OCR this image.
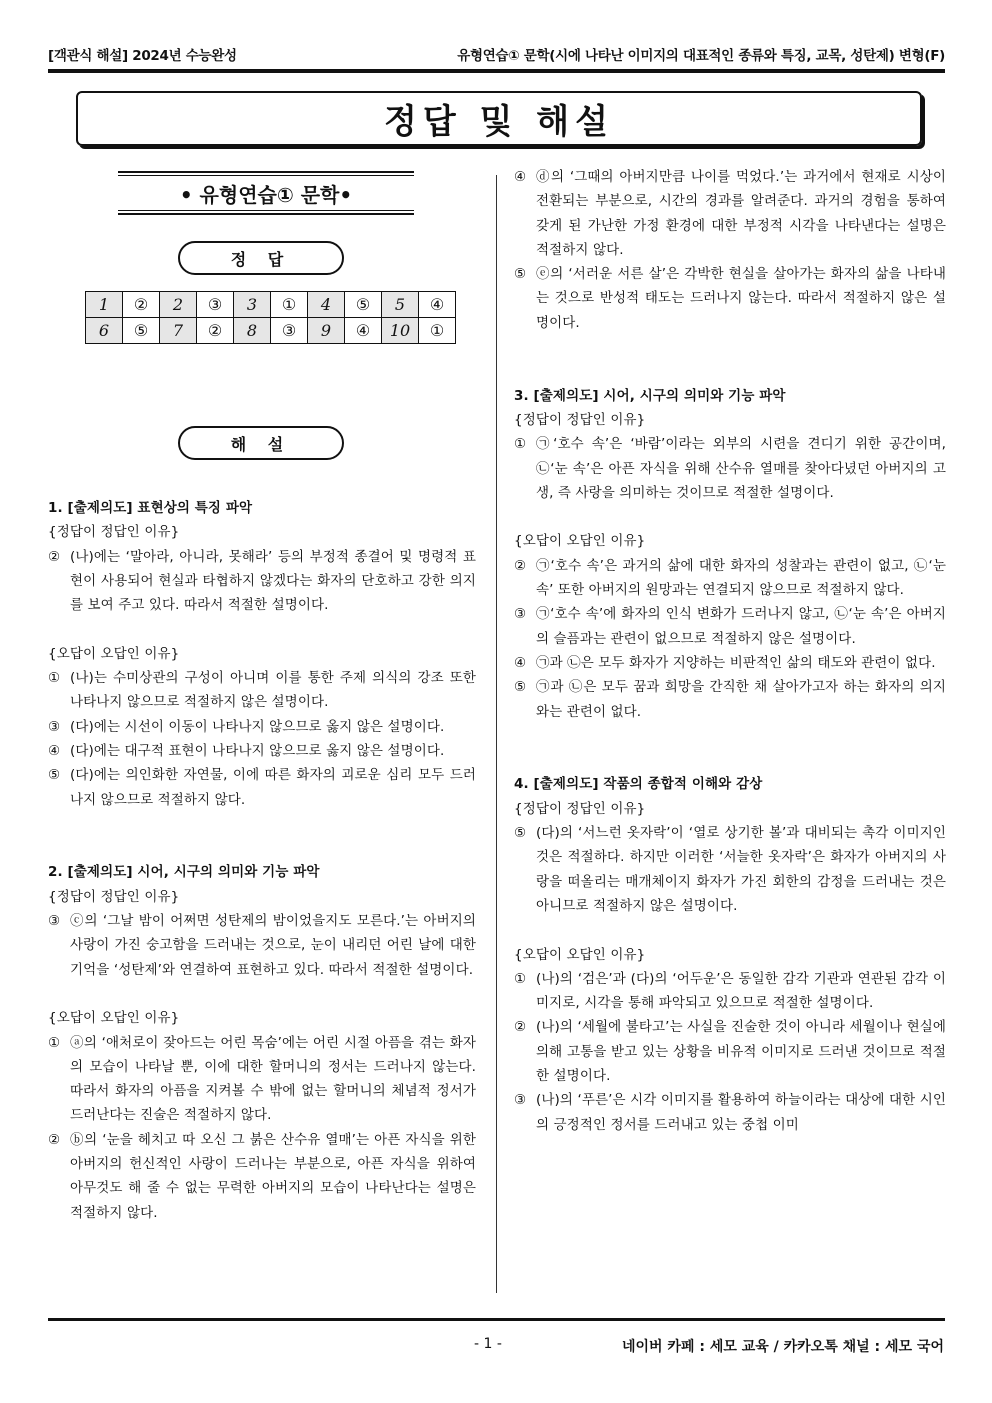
[객관식 해설] 2024년 수능완성	유형연습① 문학(시에 나타난 이미지의 대표적인 종류와 특징, 교목, 성탄제) 변형(F)
정답 및 해설
• 유형연습① 문학•
정 답
1	②	2	③	3	①	4	⑤	5	④
6	⑤	7	②	8	③	9	④	10	①
해 설
1. [출제의도] 표현상의 특징 파악
{정답이 정답인 이유}
② (나)에는 ‘말아라, 아니라, 못해라’ 등의 부정적 종결어 및 명령적 표현이 사용되어 현실과 타협하지 않겠다는 화자의 단호하고 강한 의지를 보여 주고 있다. 따라서 적절한 설명이다.
{오답이 오답인 이유}
① (나)는 수미상관의 구성이 아니며 이를 통한 주제 의식의 강조 또한 나타나지 않으므로 적절하지 않은 설명이다.
③ (다)에는 시선이 이동이 나타나지 않으므로 옳지 않은 설명이다.
④ (다)에는 대구적 표현이 나타나지 않으므로 옳지 않은 설명이다.
⑤ (다)에는 의인화한 자연물, 이에 따른 화자의 괴로운 심리 모두 드러나지 않으므로 적절하지 않다.
2. [출제의도] 시어, 시구의 의미와 기능 파악
{정답이 정답인 이유}
③ ⓒ의 ‘그날 밤이 어쩌면 성탄제의 밤이었을지도 모른다.’는 아버지의 사랑이 가진 숭고함을 드러내는 것으로, 눈이 내리던 어린 날에 대한 기억을 ‘성탄제’와 연결하여 표현하고 있다. 따라서 적절한 설명이다.
{오답이 오답인 이유}
① ⓐ의 ‘애처로이 잦아드는 어린 목숨’에는 어린 시절 아픔을 겪는 화자의 모습이 나타날 뿐, 이에 대한 할머니의 정서는 드러나지 않는다. 따라서 화자의 아픔을 지켜볼 수 밖에 없는 할머니의 체념적 정서가 드러난다는 진술은 적절하지 않다.
② ⓑ의 ‘눈을 헤치고 따 오신 그 붉은 산수유 열매’는 아픈 자식을 위한 아버지의 헌신적인 사랑이 드러나는 부분으로, 아픈 자식을 위하여 아무것도 해 줄 수 없는 무력한 아버지의 모습이 나타난다는 설명은 적절하지 않다.
④ ⓓ의 ‘그때의 아버지만큼 나이를 먹었다.’는 과거에서 현재로 시상이 전환되는 부분으로, 시간의 경과를 알려준다. 과거의 경험을 통하여 갖게 된 가난한 가정 환경에 대한 부정적 시각을 나타낸다는 설명은 적절하지 않다.
⑤ ⓔ의 ‘서러운 서른 살’은 각박한 현실을 살아가는 화자의 삶을 나타내는 것으로 반성적 태도는 드러나지 않는다. 따라서 적절하지 않은 설명이다.
3. [출제의도] 시어, 시구의 의미와 기능 파악
{정답이 정답인 이유}
① ㉠‘호수 속’은 ‘바람’이라는 외부의 시련을 견디기 위한 공간이며, ㉡‘눈 속’은 아픈 자식을 위해 산수유 열매를 찾아다녔던 아버지의 고생, 즉 사랑을 의미하는 것이므로 적절한 설명이다.
{오답이 오답인 이유}
② ㉠‘호수 속’은 과거의 삶에 대한 화자의 성찰과는 관련이 없고, ㉡‘눈 속’ 또한 아버지의 원망과는 연결되지 않으므로 적절하지 않다.
③ ㉠‘호수 속’에 화자의 인식 변화가 드러나지 않고, ㉡‘눈 속’은 아버지의 슬픔과는 관련이 없으므로 적절하지 않은 설명이다.
④ ㉠과 ㉡은 모두 화자가 지양하는 비판적인 삶의 태도와 관련이 없다.
⑤ ㉠과 ㉡은 모두 꿈과 희망을 간직한 채 살아가고자 하는 화자의 의지와는 관련이 없다.
4. [출제의도] 작품의 종합적 이해와 감상
{정답이 정답인 이유}
⑤ (다)의 ‘서느런 옷자락’이 ‘열로 상기한 볼’과 대비되는 촉각 이미지인 것은 적절하다. 하지만 이러한 ‘서늘한 옷자락’은 화자가 아버지의 사랑을 떠올리는 매개체이지 화자가 가진 회한의 감정을 드러내는 것은 아니므로 적절하지 않은 설명이다.
{오답이 오답인 이유}
① (나)의 ‘검은’과 (다)의 ‘어두운’은 동일한 감각 기관과 연관된 감각 이미지로, 시각을 통해 파악되고 있으므로 적절한 설명이다.
② (나)의 ‘세월에 불타고’는 사실을 진술한 것이 아니라 세월이나 현실에 의해 고통을 받고 있는 상황을 비유적 이미지로 드러낸 것이므로 적절한 설명이다.
③ (나)의 ‘푸른’은 시각 이미지를 활용하여 하늘이라는 대상에 대한 시인의 긍정적인 정서를 드러내고 있는 중첩 이미
- 1 -	네이버 카페 : 세모 교육 / 카카오톡 채널 : 세모 국어
